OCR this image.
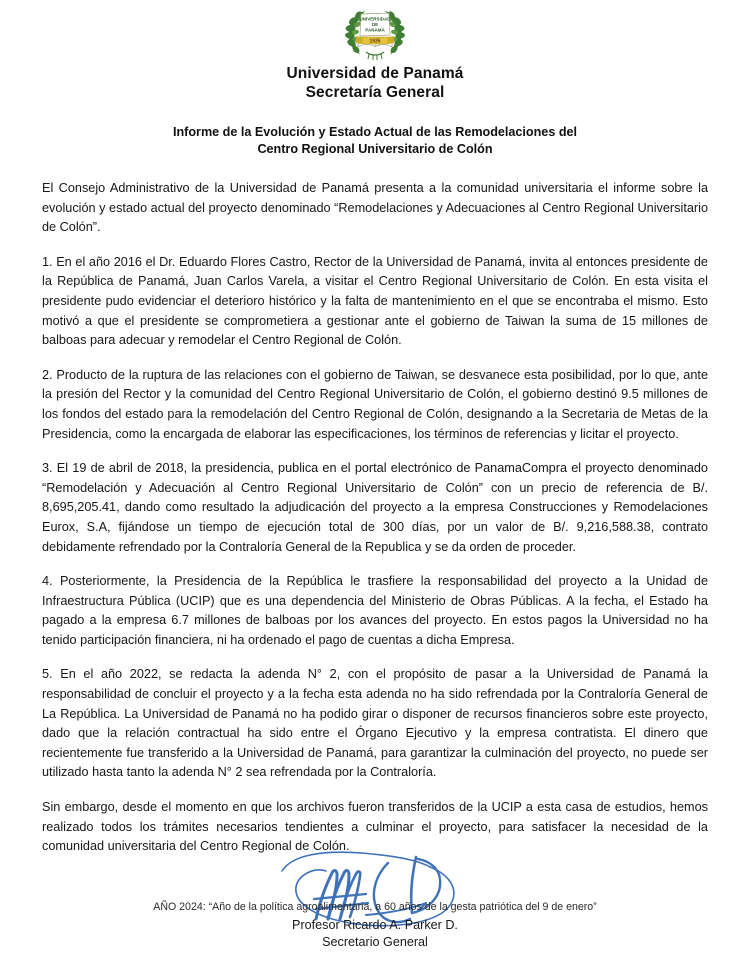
UNIVERSIDAD
DE
PANAMÁ
1935
Universidad de Panamá
Secretaría General
Informe de la Evolución y Estado Actual de las Remodelaciones del
Centro Regional Universitario de Colón

El Consejo Administrativo de la Universidad de Panamá presenta a la comunidad universitaria el informe sobre la evolución y estado actual del proyecto denominado “Remodelaciones y Adecuaciones al Centro Regional Universitario de Colón”.

1. En el año 2016 el Dr. Eduardo Flores Castro, Rector de la Universidad de Panamá, invita al entonces presidente de la República de Panamá, Juan Carlos Varela, a visitar el Centro Regional Universitario de Colón. En esta visita el presidente pudo evidenciar el deterioro histórico y la falta de mantenimiento en el que se encontraba el mismo. Esto motivó a que el presidente se comprometiera a gestionar ante el gobierno de Taiwan la suma de 15 millones de balboas para adecuar y remodelar el Centro Regional de Colón.

2. Producto de la ruptura de las relaciones con el gobierno de Taiwan, se desvanece esta posibilidad, por lo que, ante la presión del Rector y la comunidad del Centro Regional Universitario de Colón, el gobierno destinó 9.5 millones de los fondos del estado para la remodelación del Centro Regional de Colón, designando a la Secretaria de Metas de la Presidencia, como la encargada de elaborar las especificaciones, los términos de referencias y licitar el proyecto.

3. El 19 de abril de 2018, la presidencia, publica en el portal electrónico de PanamaCompra el proyecto denominado “Remodelación y Adecuación al Centro Regional Universitario de Colón” con un precio de referencia de B/. 8,695,205.41, dando como resultado la adjudicación del proyecto a la empresa Construcciones y Remodelaciones Eurox, S.A, fijándose un tiempo de ejecución total de 300 días, por un valor de B/. 9,216,588.38, contrato debidamente refrendado por la Contraloría General de la Republica y se da orden de proceder.

4. Posteriormente, la Presidencia de la República le trasfiere la responsabilidad del proyecto a la Unidad de Infraestructura Pública (UCIP) que es una dependencia del Ministerio de Obras Públicas. A la fecha, el Estado ha pagado a la empresa 6.7 millones de balboas por los avances del proyecto. En estos pagos la Universidad no ha tenido participación financiera, ni ha ordenado el pago de cuentas a dicha Empresa.

5. En el año 2022, se redacta la adenda N° 2, con el propósito de pasar a la Universidad de Panamá la responsabilidad de concluir el proyecto y a la fecha esta adenda no ha sido refrendada por la Contraloría General de La República. La Universidad de Panamá no ha podido girar o disponer de recursos financieros sobre este proyecto, dado que la relación contractual ha sido entre el Órgano Ejecutivo y la empresa contratista. El dinero que recientemente fue transferido a la Universidad de Panamá, para garantizar la culminación del proyecto, no puede ser utilizado hasta tanto la adenda N° 2 sea refrendada por la Contraloría.

Sin embargo, desde el momento en que los archivos fueron transferidos de la UCIP a esta casa de estudios, hemos realizado todos los trámites necesarios tendientes a culminar el proyecto, para satisfacer la necesidad de la comunidad universitaria del Centro Regional de Colón.

Profesor Ricardo A. Parker D.
Secretario General
AÑO 2024: “Año de la política agroalimentaria, a 60 años de la gesta patriótica del 9 de enero”
